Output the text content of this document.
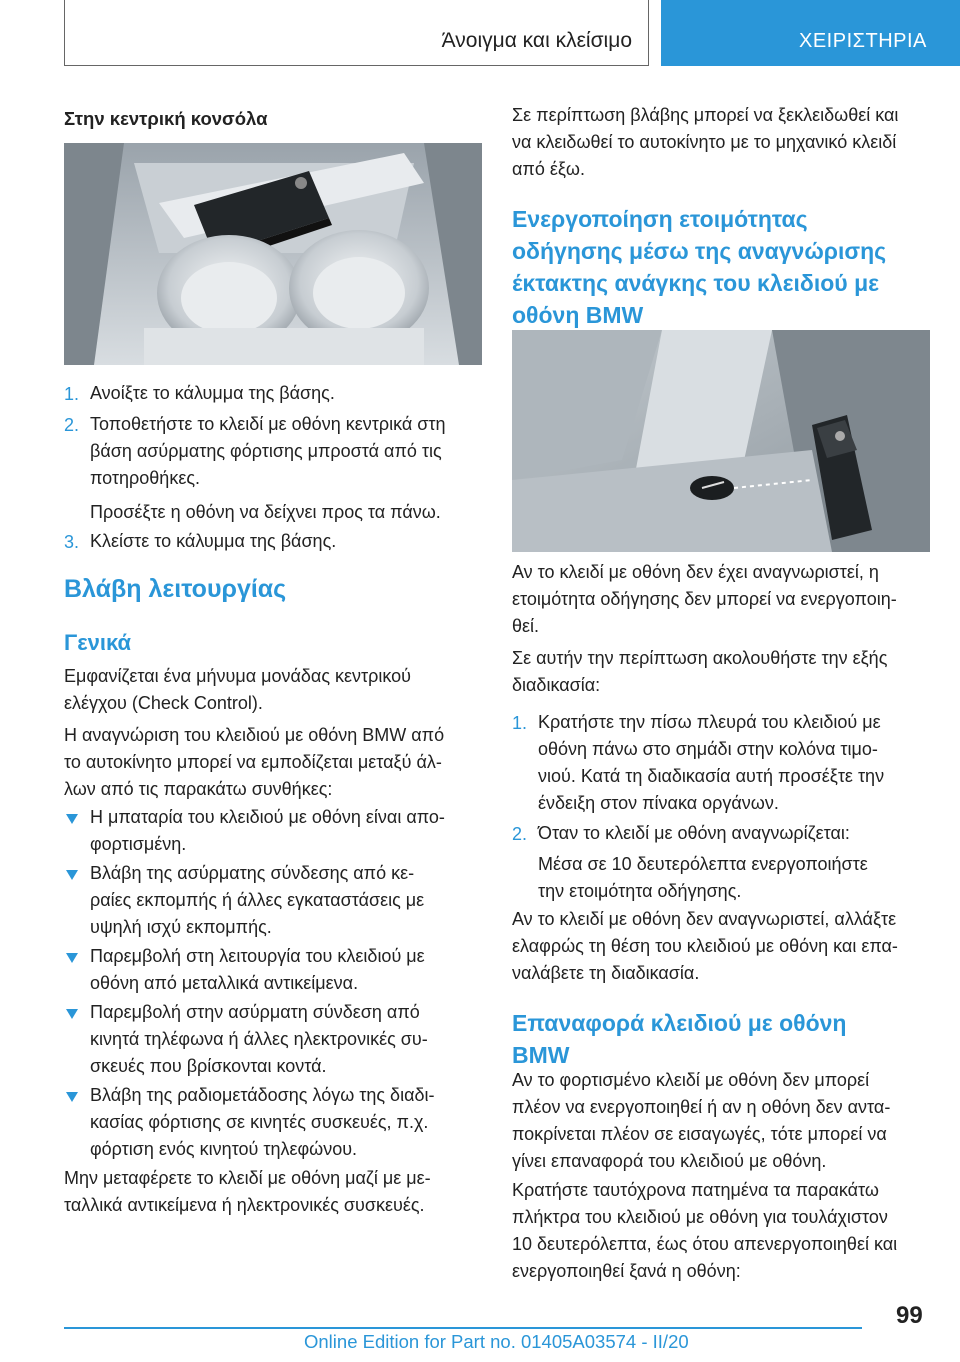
Άνοιγμα και κλείσιμο	ΧΕΙΡΙΣΤΗΡΙΑ
Στην κεντρική κονσόλα
1. Ανοίξτε το κάλυμμα της βάσης.
2. Τοποθετήστε το κλειδί με οθόνη κεντρικά στη
βάση ασύρματης φόρτισης μπροστά από τις
ποτηροθήκες.
Προσέξτε η οθόνη να δείχνει προς τα πάνω.
3. Κλείστε το κάλυμμα της βάσης.
Βλάβη λειτουργίας
Γενικά
Εμφανίζεται ένα μήνυμα μονάδας κεντρικού
ελέγχου (Check Control).
Η αναγνώριση του κλειδιού με οθόνη BMW από
το αυτοκίνητο μπορεί να εμποδίζεται μεταξύ άλ-
λων από τις παρακάτω συνθήκες:
Η μπαταρία του κλειδιού με οθόνη είναι απο-
φορτισμένη.
Βλάβη της ασύρματης σύνδεσης από κε-
ραίες εκπομπής ή άλλες εγκαταστάσεις με
υψηλή ισχύ εκπομπής.
Παρεμβολή στη λειτουργία του κλειδιού με
οθόνη από μεταλλικά αντικείμενα.
Παρεμβολή στην ασύρματη σύνδεση από
κινητά τηλέφωνα ή άλλες ηλεκτρονικές συ-
σκευές που βρίσκονται κοντά.
Βλάβη της ραδιομετάδοσης λόγω της διαδι-
κασίας φόρτισης σε κινητές συσκευές, π.χ.
φόρτιση ενός κινητού τηλεφώνου.
Μην μεταφέρετε το κλειδί με οθόνη μαζί με με-
ταλλικά αντικείμενα ή ηλεκτρονικές συσκευές.
Σε περίπτωση βλάβης μπορεί να ξεκλειδωθεί και
να κλειδωθεί το αυτοκίνητο με το μηχανικό κλειδί
από έξω.
Ενεργοποίηση ετοιμότητας
οδήγησης μέσω της αναγνώρισης
έκτακτης ανάγκης του κλειδιού με
οθόνη BMW
Αν το κλειδί με οθόνη δεν έχει αναγνωριστεί, η
ετοιμότητα οδήγησης δεν μπορεί να ενεργοποιη-
θεί.
Σε αυτήν την περίπτωση ακολουθήστε την εξής
διαδικασία:
1. Κρατήστε την πίσω πλευρά του κλειδιού με
οθόνη πάνω στο σημάδι στην κολόνα τιμο-
νιού. Κατά τη διαδικασία αυτή προσέξτε την
ένδειξη στον πίνακα οργάνων.
2. Όταν το κλειδί με οθόνη αναγνωρίζεται:
Μέσα σε 10 δευτερόλεπτα ενεργοποιήστε
την ετοιμότητα οδήγησης.
Αν το κλειδί με οθόνη δεν αναγνωριστεί, αλλάξτε
ελαφρώς τη θέση του κλειδιού με οθόνη και επα-
ναλάβετε τη διαδικασία.
Επαναφορά κλειδιού με οθόνη
BMW
Αν το φορτισμένο κλειδί με οθόνη δεν μπορεί
πλέον να ενεργοποιηθεί ή αν η οθόνη δεν αντα-
ποκρίνεται πλέον σε εισαγωγές, τότε μπορεί να
γίνει επαναφορά του κλειδιού με οθόνη.
Κρατήστε ταυτόχρονα πατημένα τα παρακάτω
πλήκτρα του κλειδιού με οθόνη για τουλάχιστον
10 δευτερόλεπτα, έως ότου απενεργοποιηθεί και
ενεργοποιηθεί ξανά η οθόνη:
99
Online Edition for Part no. 01405A03574 - II/20
